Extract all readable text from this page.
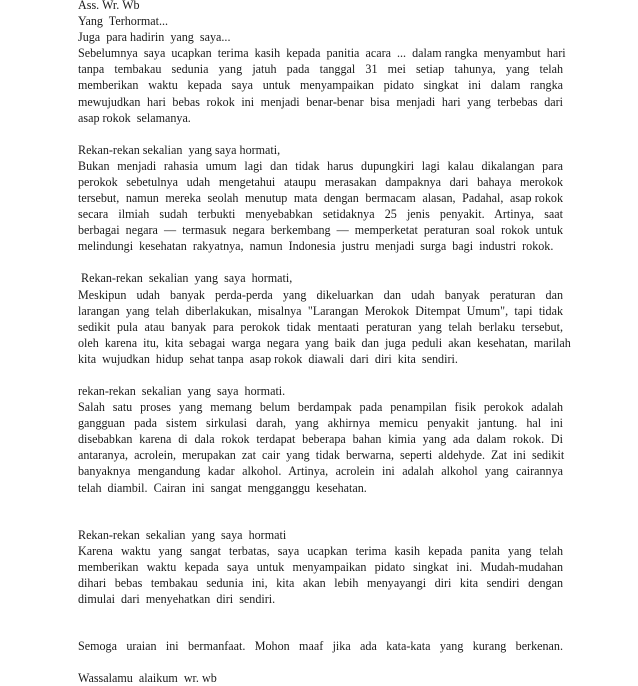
Ass. Wr. Wb
Yang  Terhormat...
Juga  para hadirin  yang  saya...
Sebelumnya  saya  ucapkan  terima  kasih  kepada  panitia  acara  ...  dalam rangka  menyambut  hari
tanpa  tembakau  sedunia  yang  jatuh  pada  tanggal  31  mei  setiap  tahunya,  yang  telah
memberikan  waktu  kepada  saya  untuk  menyampaikan  pidato  singkat  ini  dalam  rangka
mewujudkan  hari  bebas  rokok  ini  menjadi  benar-benar  bisa  menjadi  hari  yang  terbebas  dari
asap rokok  selamanya.
Rekan-rekan sekalian  yang saya hormati,
Bukan  menjadi  rahasia  umum  lagi  dan  tidak  harus  dupungkiri  lagi  kalau  dikalangan  para
perokok  sebetulnya  udah  mengetahui  ataupu  merasakan  dampaknya  dari  bahaya  merokok
tersebut,  namun  mereka  seolah  menutup  mata  dengan  bermacam  alasan,  Padahal,  asap rokok
secara  ilmiah  sudah  terbukti  menyebabkan  setidaknya  25  jenis  penyakit.  Artinya,  saat
berbagai  negara  —  termasuk  negara  berkembang  —  memperketat  peraturan  soal  rokok  untuk
melindungi  kesehatan  rakyatnya,  namun  Indonesia  justru  menjadi  surga  bagi  industri  rokok.
Rekan-rekan  sekalian  yang  saya  hormati,
Meskipun  udah  banyak  perda-perda  yang  dikeluarkan  dan  udah  banyak  peraturan  dan
larangan  yang  telah  diberlakukan,  misalnya  "Larangan  Merokok  Ditempat  Umum",  tapi  tidak
sedikit  pula  atau  banyak  para  perokok  tidak  mentaati  peraturan  yang  telah  berlaku  tersebut,
oleh  karena  itu,  kita  sebagai  warga  negara  yang  baik  dan  juga  peduli  akan  kesehatan,  marilah
kita  wujudkan  hidup  sehat tanpa  asap rokok  diawali  dari  diri  kita  sendiri.
rekan-rekan  sekalian  yang  saya  hormati.
Salah  satu  proses  yang  memang  belum  berdampak  pada  penampilan  fisik  perokok  adalah
gangguan  pada  sistem  sirkulasi  darah,  yang  akhirnya  memicu  penyakit  jantung.  hal  ini
disebabkan  karena  di  dala  rokok  terdapat  beberapa  bahan  kimia  yang  ada  dalam  rokok.  Di
antaranya,  acrolein,  merupakan  zat  cair  yang  tidak  berwarna,  seperti  aldehyde.  Zat  ini  sedikit
banyaknya  mengandung  kadar  alkohol.  Artinya,  acrolein  ini  adalah  alkohol  yang  cairannya
telah  diambil.  Cairan  ini  sangat  mengganggu  kesehatan.
Rekan-rekan  sekalian  yang  saya  hormati
Karena  waktu  yang  sangat  terbatas,  saya  ucapkan  terima  kasih  kepada  panita  yang  telah
memberikan  waktu  kepada  saya  untuk  menyampaikan  pidato  singkat  ini.  Mudah-mudahan
dihari  bebas  tembakau  sedunia  ini,  kita  akan  lebih  menyayangi  diri  kita  sendiri  dengan
dimulai  dari  menyehatkan  diri  sendiri.
Semoga  uraian  ini  bermanfaat.  Mohon  maaf  jika  ada  kata-kata  yang  kurang  berkenan.
Wassalamu  alaikum  wr. wb
